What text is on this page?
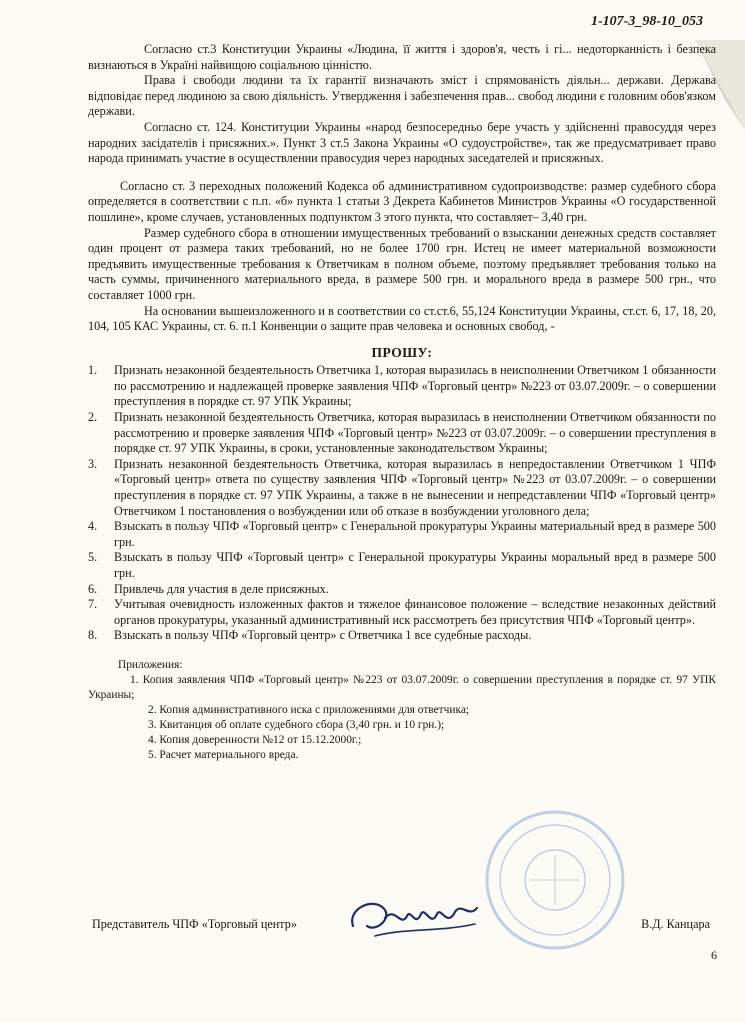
1-107-3_98-10_053

Согласно ст.3 Конституции Украины «Людина, її життя і здоров'я, честь і гі... недоторканність і безпека визнаються в Україні найвищою соціальною цінністю.

Права і свободи людини та їх гарантії визначають зміст і спрямованість діяльн... держави. Держава відповідає перед людиною за свою діяльність. Утвердження і забезпечення прав... свобод людини є головним обов'язком держави.

Согласно ст. 124. Конституции Украины «народ безпосередньо бере участь у здійсненні правосуддя через народних засідателів і присяжних.». Пункт 3 ст.5 Закона Украины «О судоустройстве», так же предусматривает право народа принимать участие в осуществлении правосудия через народных заседателей и присяжных.

Согласно ст. 3 переходных положений Кодекса об административном судопроизводстве: размер судебного сбора определяется в соответствии с п.п. «б» пункта 1 статьи 3 Декрета Кабинетов Министров Украины «О государственной пошлине», кроме случаев, установленных подпунктом 3 этого пункта, что составляет– 3,40 грн.

Размер судебного сбора в отношении имущественных требований о взыскании денежных средств составляет один процент от размера таких требований, но не более 1700 грн. Истец не имеет материальной возможности предъявить имущественные требования к Ответчикам в полном объеме, поэтому предъявляет требования только на часть суммы, причиненного материального вреда, в размере 500 грн. и морального вреда в размере 500 грн., что составляет 1000 грн.

На основании вышеизложенного и в соответствии со ст.ст.6, 55,124 Конституции Украины, ст.ст. 6, 17, 18, 20, 104, 105 КАС Украины, ст. 6. п.1 Конвенции о защите прав человека и основных свобод, -

ПРОШУ:
1. Признать незаконной бездеятельность Ответчика 1, которая выразилась в неисполнении Ответчиком 1 обязанности по рассмотрению и надлежащей проверке заявления ЧПФ «Торговый центр» №223 от 03.07.2009г. – о совершении преступления в порядке ст. 97 УПК Украины;
2. Признать незаконной бездеятельность Ответчика, которая выразилась в неисполнении Ответчиком обязанности по рассмотрению и проверке заявления ЧПФ «Торговый центр» №223 от 03.07.2009г. – о совершении преступления в порядке ст. 97 УПК Украины, в сроки, установленные законодательством Украины;
3. Признать незаконной бездеятельность Ответчика, которая выразилась в непредоставлении Ответчиком 1 ЧПФ «Торговый центр» ответа по существу заявления ЧПФ «Торговый центр» №223 от 03.07.2009г. – о совершении преступления в порядке ст. 97 УПК Украины, а также в не вынесении и непредставлении ЧПФ «Торговый центр» Ответчиком 1 постановления о возбуждении или об отказе в возбуждении уголовного дела;
4. Взыскать в пользу ЧПФ «Торговый центр» с Генеральной прокуратуры Украины материальный вред в размере 500 грн.
5. Взыскать в пользу ЧПФ «Торговый центр» с Генеральной прокуратуры Украины моральный вред в размере 500 грн.
6. Привлечь для участия в деле присяжных.
7. Учитывая очевидность изложенных фактов и тяжелое финансовое положение – вследствие незаконных действий органов прокуратуры, указанный административный иск рассмотреть без присутствия ЧПФ «Торговый центр».
8. Взыскать в пользу ЧПФ «Торговый центр» с Ответчика 1 все судебные расходы.
Приложения:
1. Копия заявления ЧПФ «Торговый центр» №223 от 03.07.2009г. о совершении преступления в порядке ст. 97 УПК Украины;
2. Копия административного иска с приложениями для ответчика;
3. Квитанция об оплате судебного сбора (3,40 грн. и 10 грн.);
4. Копия доверенности №12 от 15.12.2000г.;
5. Расчет материального вреда.
Представитель ЧПФ «Торговый центр»	В.Д. Канцара
6
